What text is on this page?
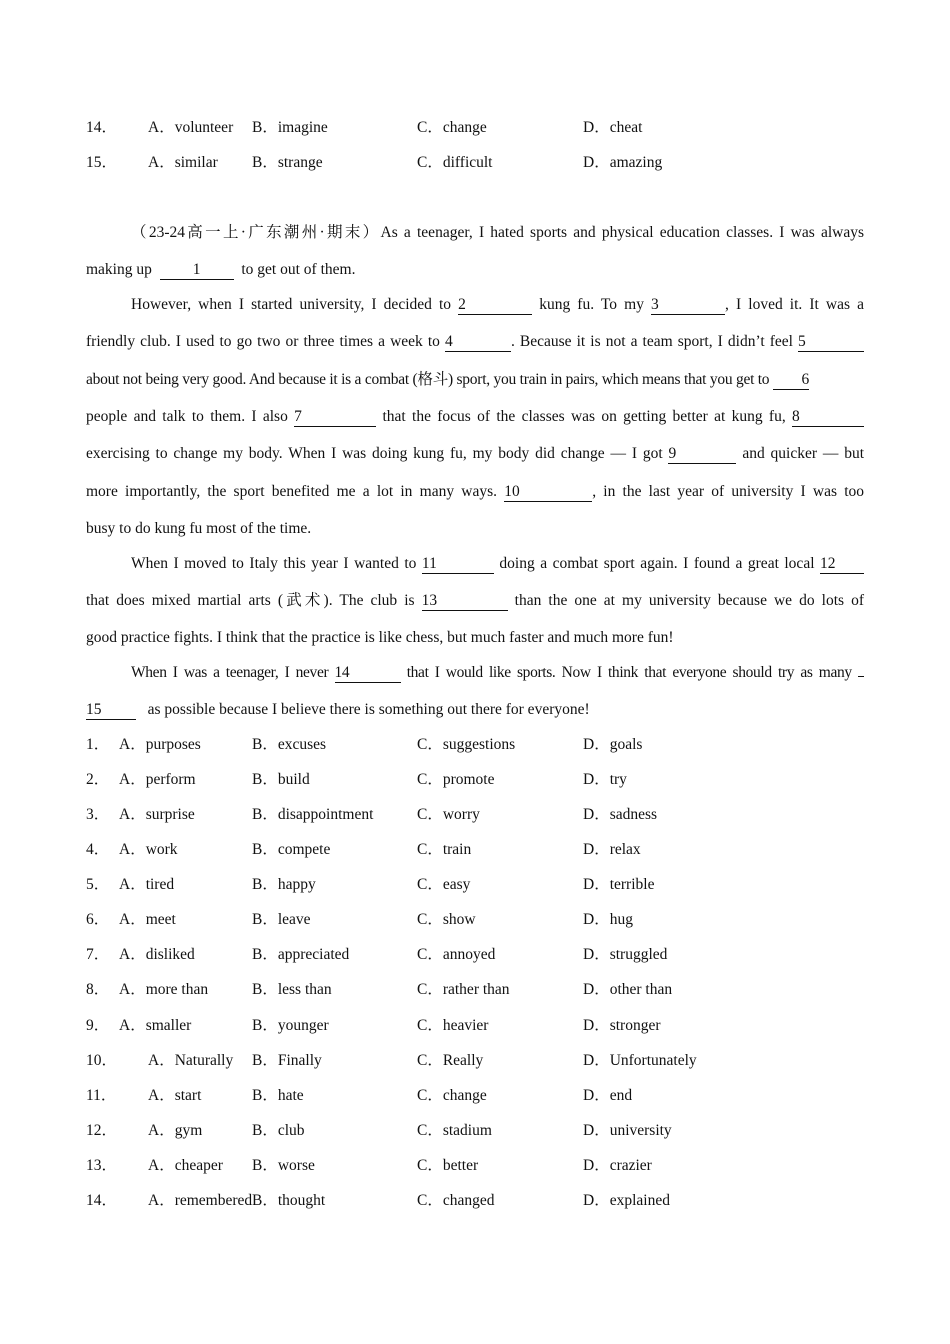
14． A．volunteer B．imagine	C．change	D．cheat
15． A．similar B．strange	C．difficult	D．amazing
（23-24高一上·广东潮州·期末）As a teenager, I hated sports and physical education classes. I was always
making up	1	to get out of them.
However, when I started university, I decided to 2	kung fu. To my 3	, I loved it. It was a
friendly club. I used to go two or three times a week to 4	. Because it is not a team sport, I didn’t feel 5
about not being very good. And because it is a combat (格斗) sport, you train in pairs, which means that you get to 6
people and talk to them. I also 7	that the focus of the classes was on getting better at kung fu, 8
exercising to change my body. When I was doing kung fu, my body did change — I got 9	and quicker — but
more importantly, the sport benefited me a lot in many ways. 10	, in the last year of university I was too
busy to do kung fu most of the time.
When I moved to Italy this year I wanted to 11	doing a combat sport again. I found a great local 12
that does mixed martial arts (武术). The club is 13	than the one at my university because we do lots of
good practice fights. I think that the practice is like chess, but much faster and much more fun!
When I was a teenager, I never 14	that I would like sports. Now I think that everyone should try as many
15	as possible because I believe there is something out there for everyone!
1． A．purposes	B．excuses	C．suggestions	D．goals
2． A．perform	B．build	C．promote	D．try
3． A．surprise	B．disappointment	C．worry	D．sadness
4． A．work	B．compete	C．train	D．relax
5． A．tired	B．happy	C．easy	D．terrible
6． A．meet	B．leave	C．show	D．hug
7． A．disliked	B．appreciated	C．annoyed	D．struggled
8． A．more than	B．less than	C．rather than	D．other than
9． A．smaller	B．younger	C．heavier	D．stronger
10． A．Naturally B．Finally	C．Really	D．Unfortunately
11． A．start	B．hate	C．change	D．end
12． A．gym	B．club	C．stadium	D．university
13． A．cheaper B．worse	C．better	D．crazier
14． A．remembered B．thought	C．changed	D．explained
